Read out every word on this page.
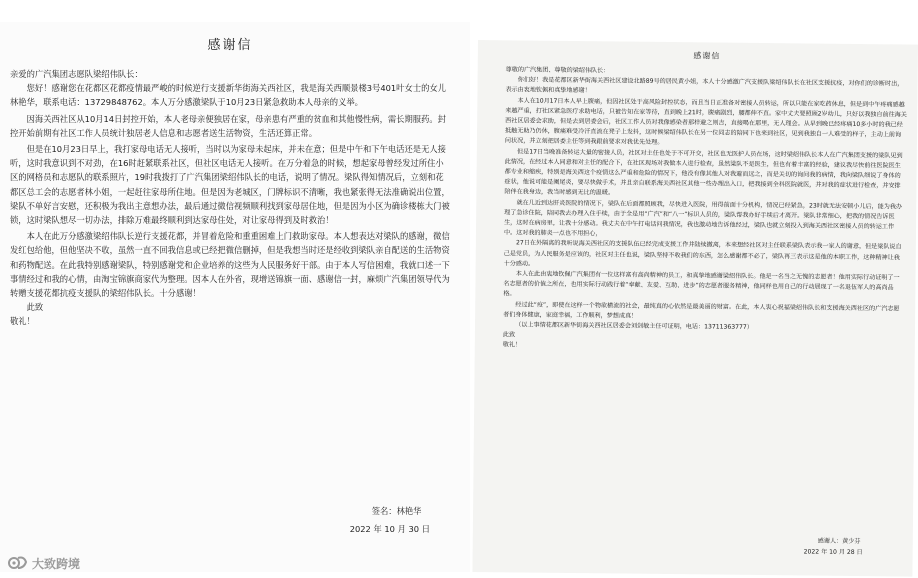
感谢信

亲爱的广汽集团志愿队梁绍伟队长：

您好！感谢您在花都区花都疫情最严峻的时候逆行支援新华街海关西社区，我是海关西顺景楼3号401叶女士的女儿林艳华，联系电话：13729848762。本人万分感激梁队于10月23日紧急救助本人母亲的义举。

因海关西社区从10月14日封控开始，本人老母亲便独居在家，母亲患有严重的贫血和其他慢性病，需长期服药。封控开始前期有社区工作人员统计独居老人信息和志愿者送生活物资，生活还算正常。

但是在10月23日早上，我打家母电话无人接听，当时以为家母未起床，并未在意；但是中午和下午电话还是无人接听，这时我意识到不对劲，在16时赶紧联系社区，但社区电话无人接听。在万分着急的时候，想起家母曾经发过所住小区的网格员和志愿队的联系照片，19时我拨打了广汽集团梁绍伟队长的电话，说明了情况。梁队得知情况后，立刻和花都区总工会的志愿者林小姐，一起赶往家母所住地。但是因为老城区，门牌标识不清晰，我也紧张得无法准确说出位置，梁队不单好言安慰，还积极为我出主意想办法，最后通过微信视频顺利找到家母居住地，但是因为小区为确诊楼栋大门被锁，这时梁队想尽一切办法，排除万难最终顺利到达家母住处，对让家母得到及时救治！

本人在此万分感激梁绍伟队长逆行支援花都，并冒着危险和重重困难上门救助家母。本人想表达对梁队的感谢，微信发红包给他，但他坚决不收，虽然一直不回我信息或已经把微信删掉，但是我想当时还是经收到梁队亲自配送的生活物资和药物配送。在此我特别感谢梁队，特别感谢党和企业培养的这些为人民服务好干部。由于本人写信困难，我就口述一下事情经过和我的心情，由淘宝锦旗商家代为整理。因本人在外省，现增送锦旗一面、感谢信一封，麻烦广汽集团领导代为转赠支援花都抗疫支援队的梁绍伟队长。十分感谢！

此致

敬礼！

签名：林艳华
2022 年 10 月 30 日
感谢信

尊敬的广汽集团、尊敬的梁绍伟队长：

你们好！我是花都区新华街海关西社区建设北路89号的居民黄小姐，本人十分感激广汽支援队梁绍伟队长在社区支援抗疫，对你们的诊断时出，表示由衷地钦佩和真挚地感谢！

本人在10月17日本人早上腹痛，但因社区处于高风险封控状态，而且当日正准备对密接人员转运，所以只能在家吃药休息，但是到中午疼痛感越来越严重，打社区紧急医疗求助电话，只被告知在家等待，直到晚上21时，腹痛剧烈，腰都伸不直。家中丈夫要照顾2岁幼儿，只好以我独自前往海关西社区居委会求助，但是去到居委会后，社区工作人员对我像感染者那样避之则吉，直接喝在那里，无人理会。从早到晚已经疼痛10多小时的我已经抵触无助乃仍休，腹痛难受冷汗直流在凳子上发抖，这时候梁绍伟队长在另一位同志的陪同下也来到社区，见到我独自一人难受的样子，主动上前询问状况，并立刻把居委主任等到我跟前要求对我优先处理。

但是17日当晚准备转运大量的密接人员，社区对主任也处于不可开交，社区也无医护人员在场，这时梁绍伟队长本人在广汽集团支援的梁队见到此情况，在经过本人同意和对主任的配合下，在社区现场对我做本人进行检查，虽然梁队不是医生，但也有着丰富的经验，建议我尽快前往医院医生都专业和缩疾，特别是海关西这个疫情这么严重和危险的情况下，他没有像其他人对我避而远之，而是关切的询问我的病情，我向梁队细说了身体的症状，他说可能是阑尾炎，要尽快做手术，并且亲自联系海关西社区其他一些办理出入口，把我接到全科医院就医，并对我的症状进行检查，并安排陪伴在我身边，我当时感到无比的温暖。

就在几近到达肝炎医院的情况下，梁队在后面都照顾我，尽快进入医院，用得前面十分机构，情况已经紧急，23时就无法安顿小儿后，能为我办理了急诊住院，陪同我去办理入住手续，由于全是用“广汽”和“八一”标识人员的，梁队帮我办好手续后才离开。梁队非常细心，把我的情况告诉医生，这时在病房里，让我十分感动。我丈夫在中午打电话问我情况，我也激动地告诉他经过，梁队也就立刻投入到海关西社区密接人员的转运工作中。这对我的肺炎一点也不用担心，

27日在外隔离的我听说海关西社区的支援队伍已经完成支援工作并陆续撤离，本来想经社区对主任联系梁队表示我一家人的谢意，但是梁队说自己是党员，为人民服务是应该的，社区对主任也说，梁队坚持不收我们的东西，怎么感谢都不必了，梁队再三表示这是他的本职工作，这种精神让我十分感动。

本人在此由衷地钦佩广汽集团有一位这样富有高尚精神的员工，和真挚地感谢梁绍伟队长。他是一名当之无愧的志愿者！他用实际行动证明了一名志愿者的价值之所在，也用实际行动践行着“奉献、友爱、互助、进步”的志愿者服务精神，他同样也用自己的行动展现了一名退伍军人的高尚品格。

经过此“疫”，即使在这样一个物欲横流的社会，最纯真的心依然是最美丽的财富。在此，本人衷心祝福梁绍伟队长和支援海关西社区的广汽志愿者们身体健康，家庭幸福，工作顺利，梦想成真！

（以上事情花都区新华街海关西社区居委会刘剑敏主任可证明，电话：13711363777）

此致

敬礼！

感谢人：黄少芬
2022 年 10 月 28 日
大致跨境
